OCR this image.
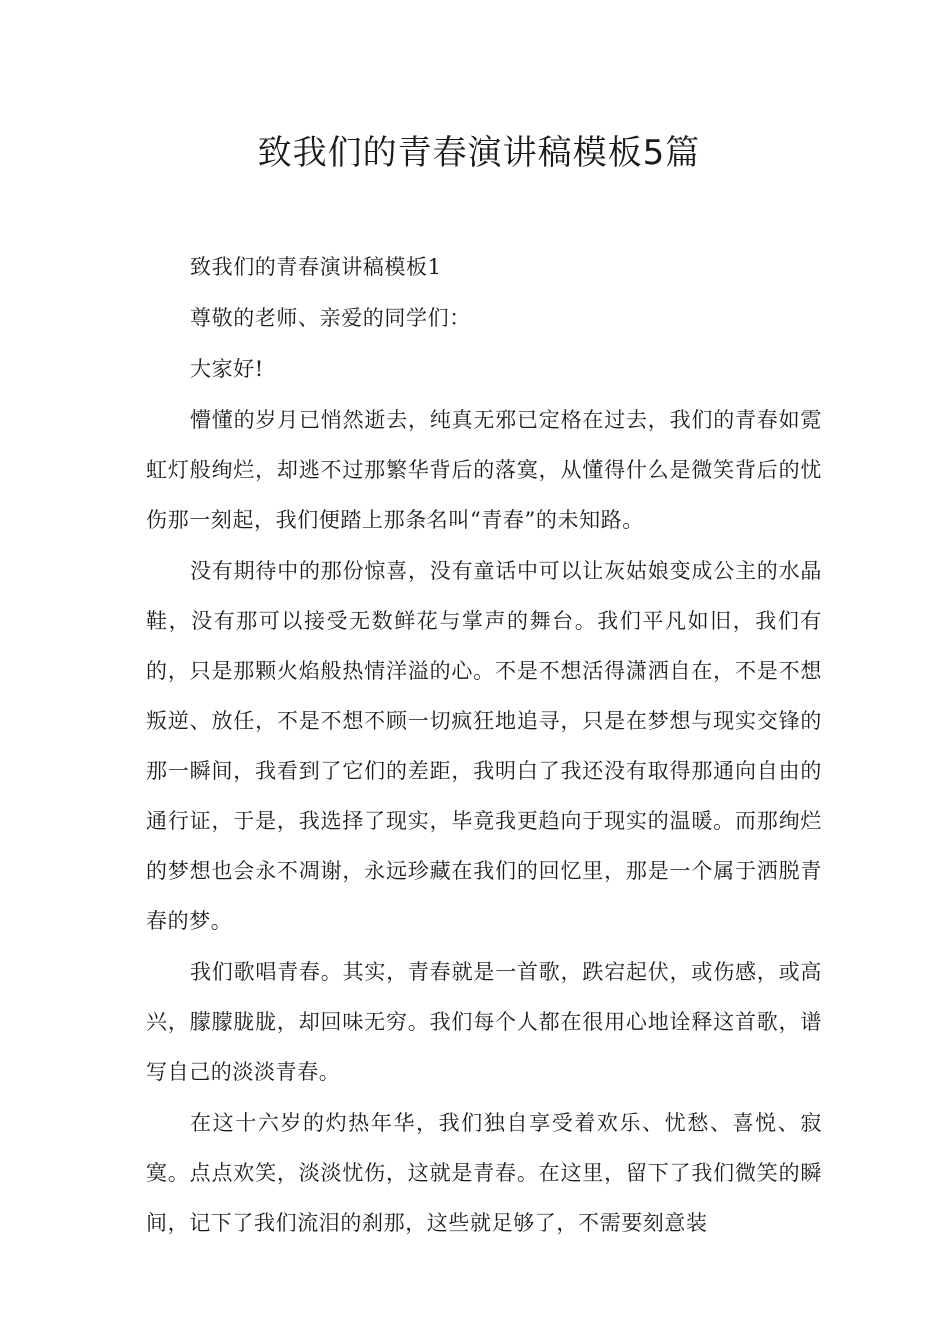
致我们的青春演讲稿模板5篇

致我们的青春演讲稿模板1

尊敬的老师、亲爱的同学们：

大家好!

懵懂的岁月已悄然逝去，纯真无邪已定格在过去，我们的青春如霓虹灯般绚烂，却逃不过那繁华背后的落寞，从懂得什么是微笑背后的忧伤那一刻起，我们便踏上那条名叫“青春”的未知路。

没有期待中的那份惊喜，没有童话中可以让灰姑娘变成公主的水晶鞋，没有那可以接受无数鲜花与掌声的舞台。我们平凡如旧，我们有的，只是那颗火焰般热情洋溢的心。不是不想活得潇洒自在，不是不想叛逆、放任，不是不想不顾一切疯狂地追寻，只是在梦想与现实交锋的那一瞬间，我看到了它们的差距，我明白了我还没有取得那通向自由的通行证，于是，我选择了现实，毕竟我更趋向于现实的温暖。而那绚烂的梦想也会永不凋谢，永远珍藏在我们的回忆里，那是一个属于洒脱青春的梦。

我们歌唱青春。其实，青春就是一首歌，跌宕起伏，或伤感，或高兴，朦朦胧胧，却回味无穷。我们每个人都在很用心地诠释这首歌，谱写自己的淡淡青春。

在这十六岁的灼热年华，我们独自享受着欢乐、忧愁、喜悦、寂寞。点点欢笑，淡淡忧伤，这就是青春。在这里，留下了我们微笑的瞬间，记下了我们流泪的刹那，这些就足够了，不需要刻意装
